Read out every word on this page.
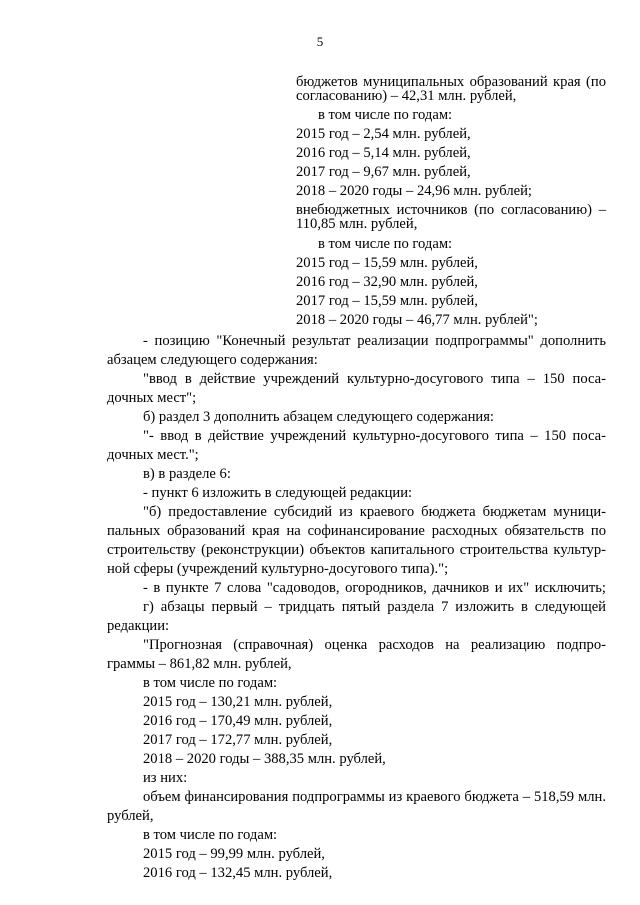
5
бюджетов муниципальных образований края (по
согласованию) – 42,31 млн. рублей,
в том числе по годам:
2015 год – 2,54 млн. рублей,
2016 год – 5,14 млн. рублей,
2017 год – 9,67 млн. рублей,
2018 – 2020 годы – 24,96 млн. рублей;
внебюджетных источников (по согласованию) –
110,85 млн. рублей,
в том числе по годам:
2015 год – 15,59 млн. рублей,
2016 год – 32,90 млн. рублей,
2017 год – 15,59 млн. рублей,
2018 – 2020 годы – 46,77 млн. рублей";
- позицию "Конечный результат реализации подпрограммы" дополнить
абзацем следующего содержания:
"ввод в действие учреждений культурно-досугового типа – 150 поса-
дочных мест";
б) раздел 3 дополнить абзацем следующего содержания:
"- ввод в действие учреждений культурно-досугового типа – 150 поса-
дочных мест.";
в) в разделе 6:
- пункт 6 изложить в следующей редакции:
"б) предоставление субсидий из краевого бюджета бюджетам муници-
пальных образований края на софинансирование расходных обязательств по
строительству (реконструкции) объектов капитального строительства культур-
ной сферы (учреждений культурно-досугового типа).";
- в пункте 7 слова "садоводов, огородников, дачников и их" исключить;
г) абзацы первый – тридцать пятый раздела 7 изложить в следующей
редакции:
"Прогнозная (справочная) оценка расходов на реализацию подпро-
граммы – 861,82 млн. рублей,
в том числе по годам:
2015 год – 130,21 млн. рублей,
2016 год – 170,49 млн. рублей,
2017 год – 172,77 млн. рублей,
2018 – 2020 годы – 388,35 млн. рублей,
из них:
объем финансирования подпрограммы из краевого бюджета – 518,59 млн.
рублей,
в том числе по годам:
2015 год – 99,99 млн. рублей,
2016 год – 132,45 млн. рублей,
